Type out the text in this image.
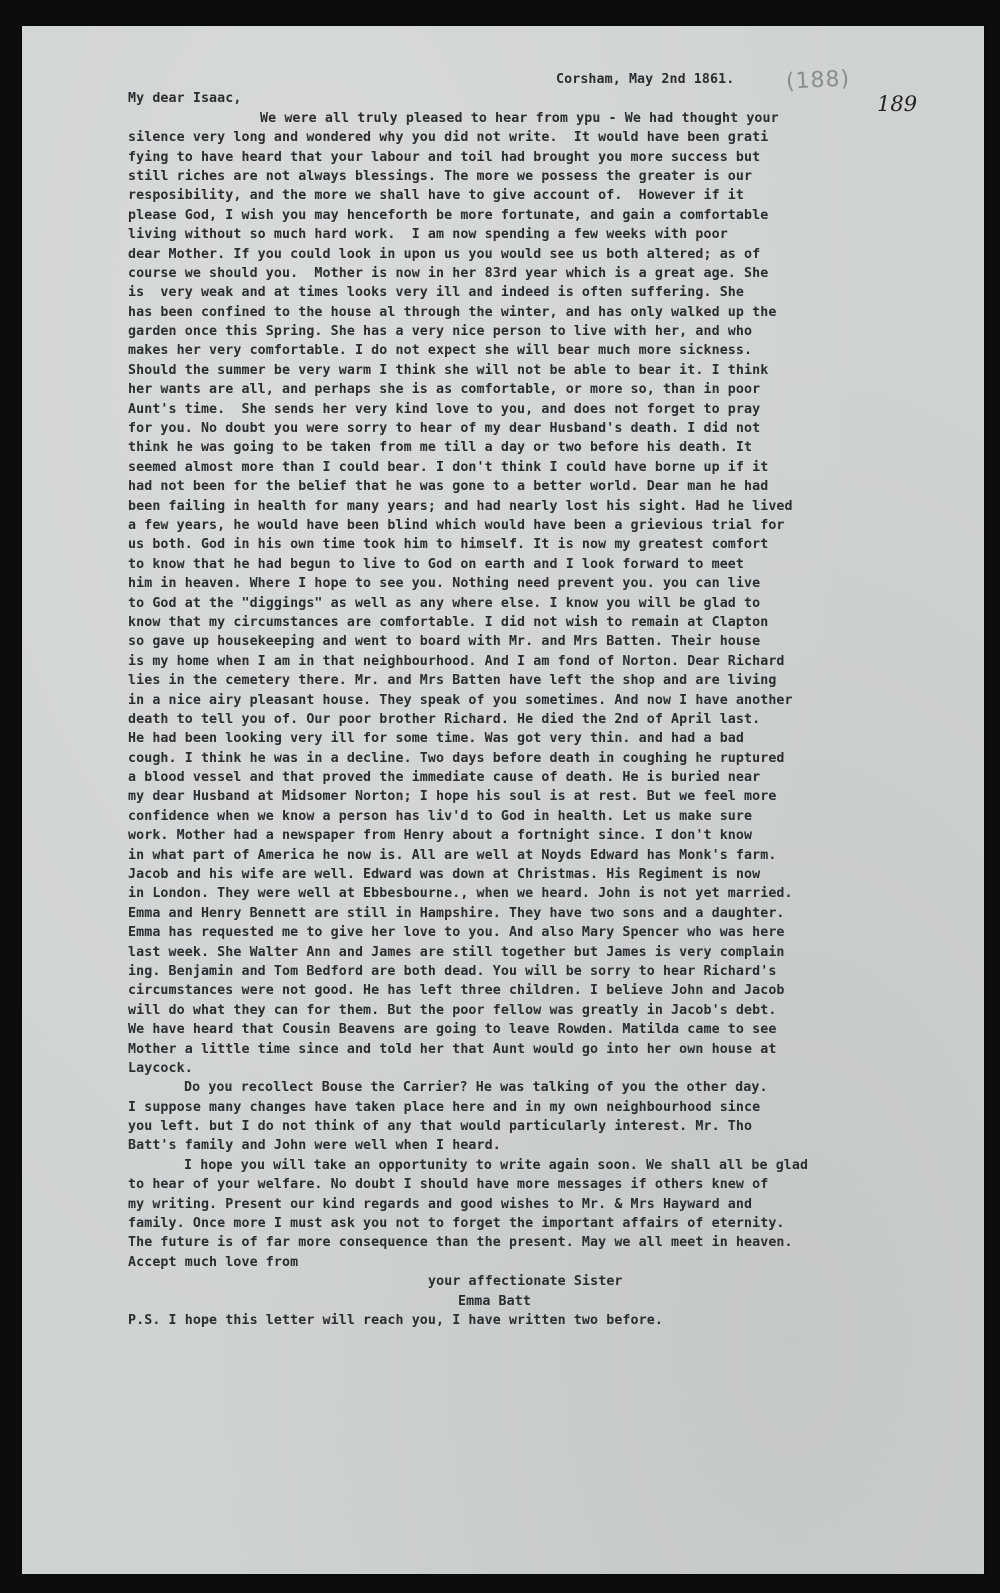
(188)
189
Corsham, May 2nd 1861.
My dear Isaac,
We were all truly pleased to hear from ypu - We had thought your
silence very long and wondered why you did not write.  It would have been grati
fying to have heard that your labour and toil had brought you more success but
still riches are not always blessings. The more we possess the greater is our
resposibility, and the more we shall have to give account of.  However if it
please God, I wish you may henceforth be more fortunate, and gain a comfortable
living without so much hard work.  I am now spending a few weeks with poor
dear Mother. If you could look in upon us you would see us both altered; as of
course we should you.  Mother is now in her 83rd year which is a great age. She
is  very weak and at times looks very ill and indeed is often suffering. She
has been confined to the house al through the winter, and has only walked up the
garden once this Spring. She has a very nice person to live with her, and who
makes her very comfortable. I do not expect she will bear much more sickness.
Should the summer be very warm I think she will not be able to bear it. I think
her wants are all, and perhaps she is as comfortable, or more so, than in poor
Aunt's time.  She sends her very kind love to you, and does not forget to pray
for you. No doubt you were sorry to hear of my dear Husband's death. I did not
think he was going to be taken from me till a day or two before his death. It
seemed almost more than I could bear. I don't think I could have borne up if it
had not been for the belief that he was gone to a better world. Dear man he had
been failing in health for many years; and had nearly lost his sight. Had he lived
a few years, he would have been blind which would have been a grievious trial for
us both. God in his own time took him to himself. It is now my greatest comfort
to know that he had begun to live to God on earth and I look forward to meet
him in heaven. Where I hope to see you. Nothing need prevent you. you can live
to God at the "diggings" as well as any where else. I know you will be glad to
know that my circumstances are comfortable. I did not wish to remain at Clapton
so gave up housekeeping and went to board with Mr. and Mrs Batten. Their house
is my home when I am in that neighbourhood. And I am fond of Norton. Dear Richard
lies in the cemetery there. Mr. and Mrs Batten have left the shop and are living
in a nice airy pleasant house. They speak of you sometimes. And now I have another
death to tell you of. Our poor brother Richard. He died the 2nd of April last.
He had been looking very ill for some time. Was got very thin. and had a bad
cough. I think he was in a decline. Two days before death in coughing he ruptured
a blood vessel and that proved the immediate cause of death. He is buried near
my dear Husband at Midsomer Norton; I hope his soul is at rest. But we feel more
confidence when we know a person has liv'd to God in health. Let us make sure
work. Mother had a newspaper from Henry about a fortnight since. I don't know
in what part of America he now is. All are well at Noyds Edward has Monk's farm.
Jacob and his wife are well. Edward was down at Christmas. His Regiment is now
in London. They were well at Ebbesbourne., when we heard. John is not yet married.
Emma and Henry Bennett are still in Hampshire. They have two sons and a daughter.
Emma has requested me to give her love to you. And also Mary Spencer who was here
last week. She Walter Ann and James are still together but James is very complain
ing. Benjamin and Tom Bedford are both dead. You will be sorry to hear Richard's
circumstances were not good. He has left three children. I believe John and Jacob
will do what they can for them. But the poor fellow was greatly in Jacob's debt.
We have heard that Cousin Beavens are going to leave Rowden. Matilda came to see
Mother a little time since and told her that Aunt would go into her own house at
Laycock.
Do you recollect Bouse the Carrier? He was talking of you the other day.
I suppose many changes have taken place here and in my own neighbourhood since
you left. but I do not think of any that would particularly interest. Mr. Tho
Batt's family and John were well when I heard.
I hope you will take an opportunity to write again soon. We shall all be glad
to hear of your welfare. No doubt I should have more messages if others knew of
my writing. Present our kind regards and good wishes to Mr. & Mrs Hayward and
family. Once more I must ask you not to forget the important affairs of eternity.
The future is of far more consequence than the present. May we all meet in heaven.
Accept much love from
your affectionate Sister
Emma Batt
P.S. I hope this letter will reach you, I have written two before.
